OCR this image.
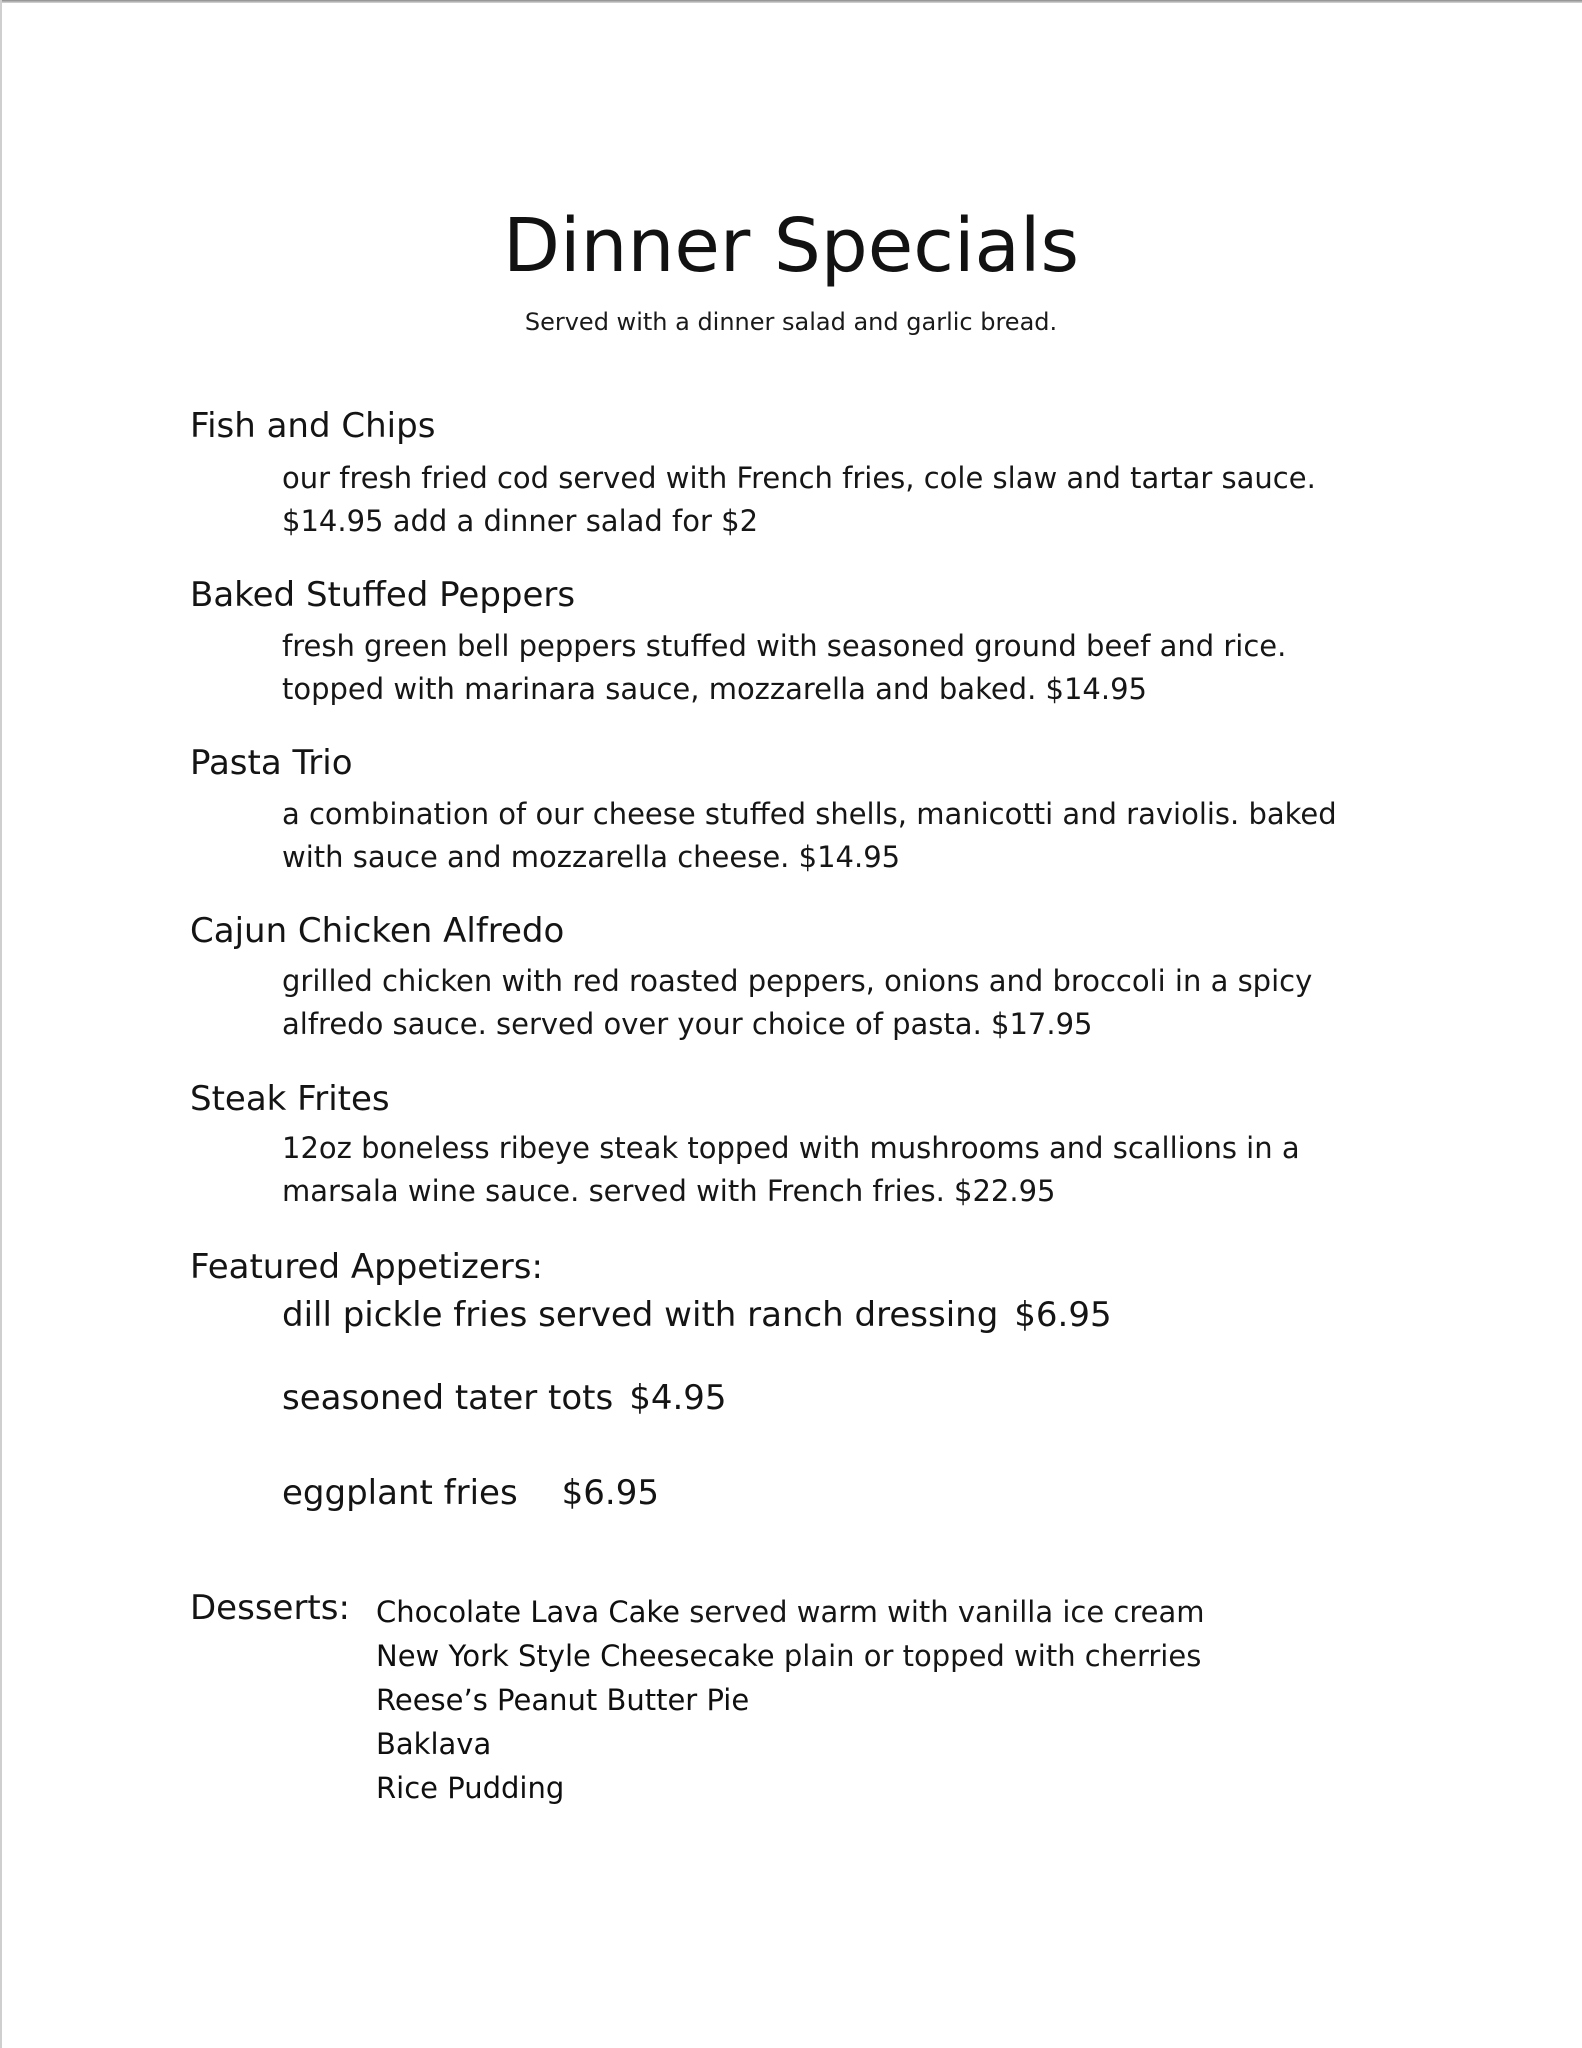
Dinner Specials
Served with a dinner salad and garlic bread.
Fish and Chips
our fresh fried cod served with French fries, cole slaw and tartar sauce.
$14.95 add a dinner salad for $2
Baked Stuffed Peppers
fresh green bell peppers stuffed with seasoned ground beef and rice.
topped with marinara sauce, mozzarella and baked. $14.95
Pasta Trio
a combination of our cheese stuffed shells, manicotti and raviolis. baked
with sauce and mozzarella cheese. $14.95
Cajun Chicken Alfredo
grilled chicken with red roasted peppers, onions and broccoli in a spicy
alfredo sauce. served over your choice of pasta. $17.95
Steak Frites
12oz boneless ribeye steak topped with mushrooms and scallions in a
marsala wine sauce. served with French fries. $22.95
Featured Appetizers:
dill pickle fries served with ranch dressing $6.95
seasoned tater tots $4.95
eggplant fries $6.95
Desserts: Chocolate Lava Cake served warm with vanilla ice cream
New York Style Cheesecake plain or topped with cherries
Reese’s Peanut Butter Pie
Baklava
Rice Pudding
